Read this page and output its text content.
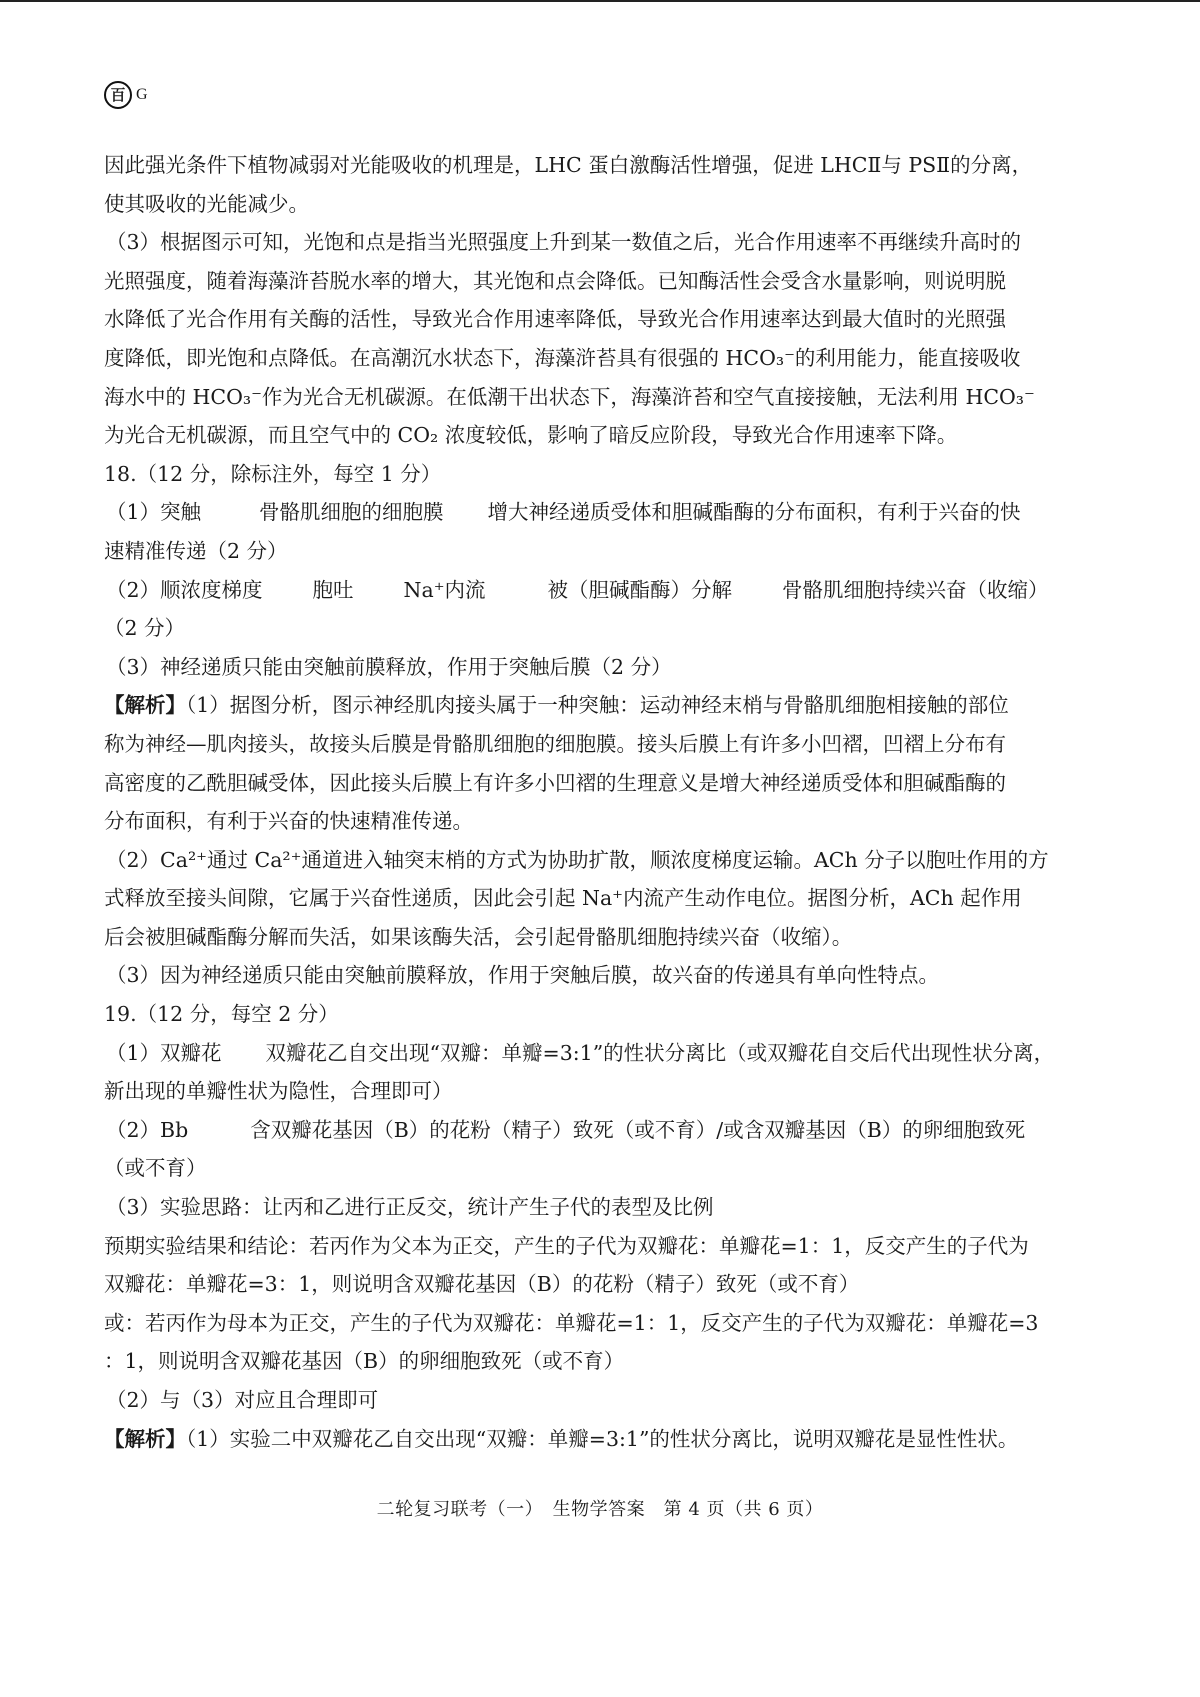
百 G
因此强光条件下植物减弱对光能吸收的机理是，LHC 蛋白激酶活性增强，促进 LHCⅡ与 PSⅡ的分离，
使其吸收的光能减少。
（3）根据图示可知，光饱和点是指当光照强度上升到某一数值之后，光合作用速率不再继续升高时的
光照强度，随着海藻浒苔脱水率的增大，其光饱和点会降低。已知酶活性会受含水量影响，则说明脱
水降低了光合作用有关酶的活性，导致光合作用速率降低，导致光合作用速率达到最大值时的光照强
度降低，即光饱和点降低。在高潮沉水状态下，海藻浒苔具有很强的 HCO₃⁻的利用能力，能直接吸收
海水中的 HCO₃⁻作为光合无机碳源。在低潮干出状态下，海藻浒苔和空气直接接触，无法利用 HCO₃⁻
为光合无机碳源，而且空气中的 CO₂ 浓度较低，影响了暗反应阶段，导致光合作用速率下降。
18.（12 分，除标注外，每空 1 分）
（1）突触	骨骼肌细胞的细胞膜 增大神经递质受体和胆碱酯酶的分布面积，有利于兴奋的快
速精准传递（2 分）
（2）顺浓度梯度 胞吐 Na⁺内流	被（胆碱酯酶）分解 骨骼肌细胞持续兴奋（收缩）
（2 分）
（3）神经递质只能由突触前膜释放，作用于突触后膜（2 分）
【解析】（1）据图分析，图示神经肌肉接头属于一种突触：运动神经末梢与骨骼肌细胞相接触的部位
称为神经—肌肉接头，故接头后膜是骨骼肌细胞的细胞膜。接头后膜上有许多小凹褶，凹褶上分布有
高密度的乙酰胆碱受体，因此接头后膜上有许多小凹褶的生理意义是增大神经递质受体和胆碱酯酶的
分布面积，有利于兴奋的快速精准传递。
（2）Ca²⁺通过 Ca²⁺通道进入轴突末梢的方式为协助扩散，顺浓度梯度运输。ACh 分子以胞吐作用的方
式释放至接头间隙，它属于兴奋性递质，因此会引起 Na⁺内流产生动作电位。据图分析，ACh 起作用
后会被胆碱酯酶分解而失活，如果该酶失活，会引起骨骼肌细胞持续兴奋（收缩）。
（3）因为神经递质只能由突触前膜释放，作用于突触后膜，故兴奋的传递具有单向性特点。
19.（12 分，每空 2 分）
（1）双瓣花 双瓣花乙自交出现“双瓣：单瓣=3:1”的性状分离比（或双瓣花自交后代出现性状分离，
新出现的单瓣性状为隐性，合理即可）
（2）Bb	含双瓣花基因（B）的花粉（精子）致死（或不育）/或含双瓣基因（B）的卵细胞致死
（或不育）
（3）实验思路：让丙和乙进行正反交，统计产生子代的表型及比例
预期实验结果和结论：若丙作为父本为正交，产生的子代为双瓣花：单瓣花=1：1，反交产生的子代为
双瓣花：单瓣花=3：1，则说明含双瓣花基因（B）的花粉（精子）致死（或不育）
或：若丙作为母本为正交，产生的子代为双瓣花：单瓣花=1：1，反交产生的子代为双瓣花：单瓣花=3
：1，则说明含双瓣花基因（B）的卵细胞致死（或不育）
（2）与（3）对应且合理即可
【解析】（1）实验二中双瓣花乙自交出现“双瓣：单瓣=3:1”的性状分离比，说明双瓣花是显性性状。
二轮复习联考（一）　生物学答案　第 4 页（共 6 页）
